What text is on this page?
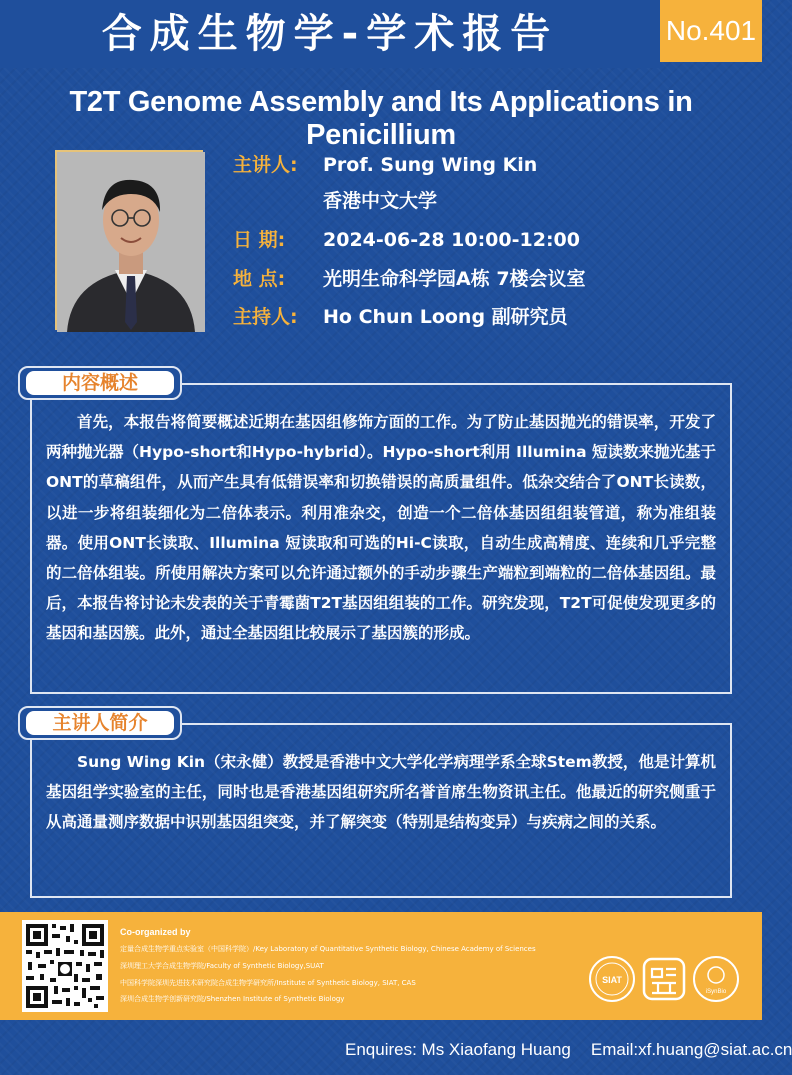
合成生物学-学术报告	No.401
T2T Genome Assembly and Its Applications in Penicillium
主讲人:	Prof. Sung Wing Kin
香港中文大学
日 期:	2024-06-28 10:00-12:00
地 点:	光明生命科学园A栋 7楼会议室
主持人:	Ho Chun Loong 副研究员
首先，本报告将简要概述近期在基因组修饰方面的工作。为了防止基因抛光的错误率，开发了两种抛光器（Hypo-short和Hypo-hybrid）。Hypo-short利用 Illumina 短读数来抛光基于ONT的草稿组件，从而产生具有低错误率和切换错误的高质量组件。低杂交结合了ONT长读数，以进一步将组装细化为二倍体表示。利用准杂交，创造一个二倍体基因组组装管道，称为准组装器。使用ONT长读取、Illumina 短读取和可选的Hi-C读取，自动生成高精度、连续和几乎完整的二倍体组装。所使用解决方案可以允许通过额外的手动步骤生产端粒到端粒的二倍体基因组。最后，本报告将讨论未发表的关于青霉菌T2T基因组组装的工作。研究发现，T2T可促使发现更多的基因和基因簇。此外，通过全基因组比较展示了基因簇的形成。
内容概述
Sung Wing Kin（宋永健）教授是香港中文大学化学病理学系全球Stem教授，他是计算机基因组学实验室的主任，同时也是香港基因组研究所名誉首席生物资讯主任。他最近的研究侧重于从高通量测序数据中识别基因组突变，并了解突变（特别是结构变异）与疾病之间的关系。
主讲人简介
Co-organized by
定量合成生物学重点实验室（中国科学院）/Key Laboratory of Quantitative Synthetic Biology, Chinese Academy of Sciences
深圳理工大学合成生物学院/Faculty of Synthetic Biology,SUAT
中国科学院深圳先进技术研究院合成生物学研究所/Institute of Synthetic Biology, SIAT, CAS
深圳合成生物学创新研究院/Shenzhen Institute of Synthetic Biology
SIAT
iSynBio
Enquires: Ms Xiaofang Huang Email:xf.huang@siat.ac.cn
